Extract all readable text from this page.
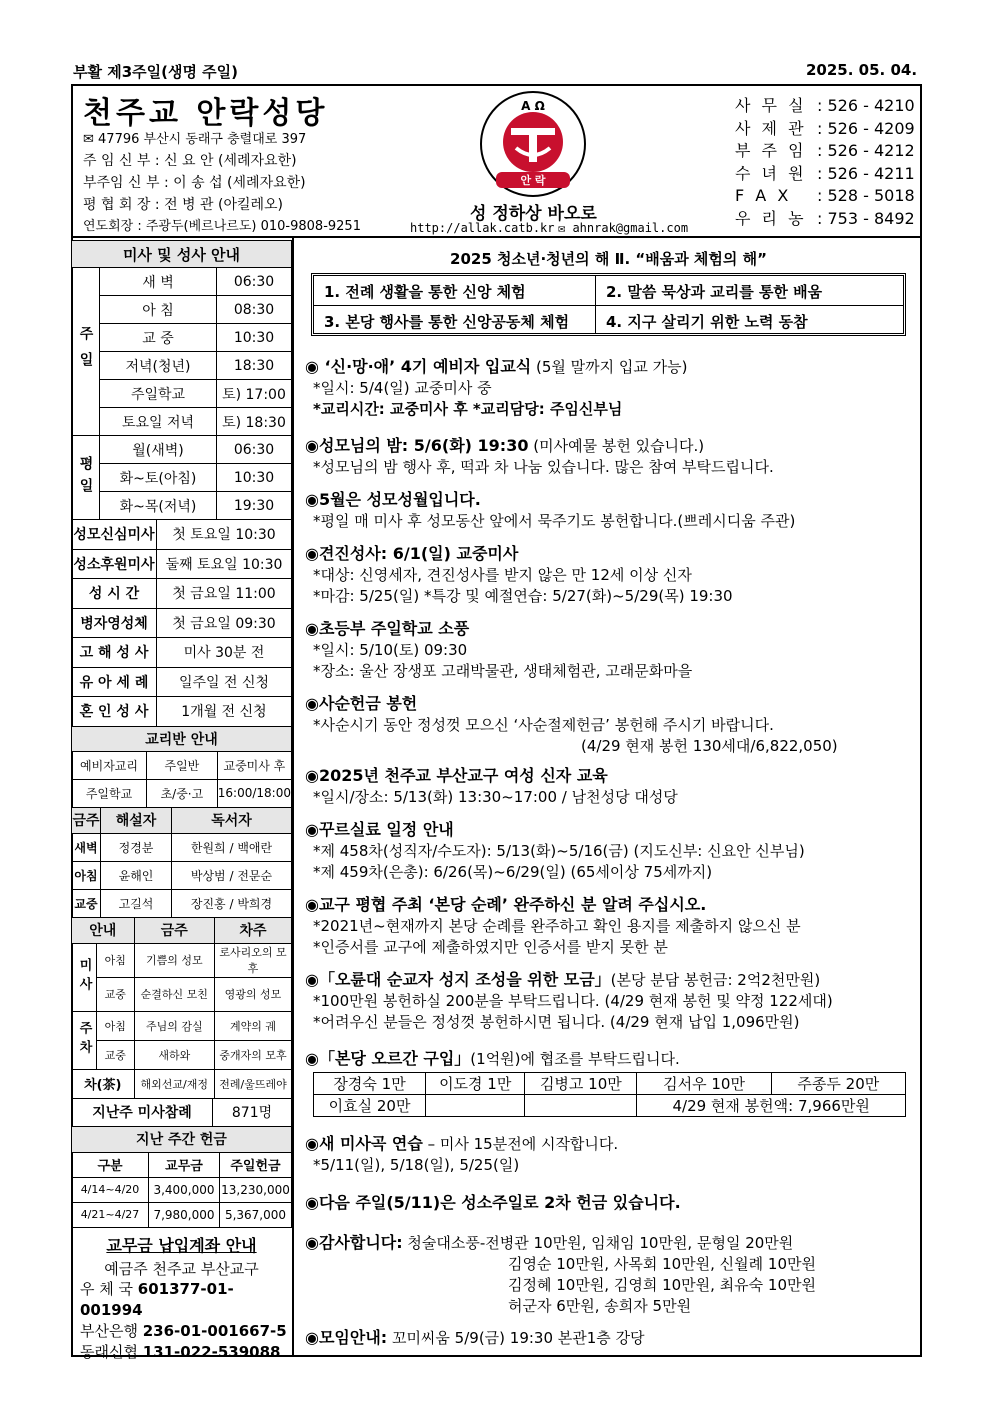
부활 제3주일(생명 주일)	2025. 05. 04.
천주교 안락성당
✉ 47796 부산시 동래구 충렬대로 397
주 임 신 부 : 신 요 안 (세례자요한)
부주임 신 부 : 이 송 섭 (세례자요한)
평 협 회 장 : 전 병 관 (아킬레오)
연도회장 : 주광두(베르나르도) 010-9808-9251
A Ω
안 락
성 정하상 바오로
http://allak.catb.kr ✉ ahnrak@gmail.com
사 무 실 : 526 - 4210
사 제 관 : 526 - 4209
부 주 임 : 526 - 4212
수 녀 원 : 526 - 4211
F A X : 528 - 5018
우 리 농 : 753 - 8492
미사 및 성사 안내		
주일	새 벽	06:30
	아 침	08:30
	교 중	10:30
	저녁(청년)	18:30
	주일학교	토) 17:00
	토요일 저녁	토) 18:30
평일	월(새벽)	06:30
	화~토(아침)	10:30
	화~목(저녁)	19:30
성모신심미사	첫 토요일 10:30
성소후원미사	둘째 토요일 10:30
성 시 간	첫 금요일 11:00
병자영성체	첫 금요일 09:30
고 해 성 사	미사 30분 전
유 아 세 례	일주일 전 신청
혼 인 성 사	1개월 전 신청
교리반 안내		
예비자교리	주일반	교중미사 후
주일학교	초/중·고	16:00/18:00
금주	해설자	독서자
새벽	정경분	한원희 / 백애란
아침	윤해인	박상범 / 전문순
교중	고길석	장진홍 / 박희경
안내		금주	차주
미사	아침	기쁨의 성모	로사리오의 모후
	교중	순결하신 모친	영광의 성모
주차	아침	주님의 감실	계약의 궤
	교중	새하와	중개자의 모후
차(茶)		해외선교/재정	전례/울뜨레야
지난주 미사참례	871명
지난 주간 헌금		
구분	교무금	주일헌금
4/14~4/20	3,400,000	13,230,000
4/21~4/27	7,980,000	5,367,000
교무금 납입계좌 안내
예금주 천주교 부산교구
우 체 국 601377-01-001994
부산은행 236-01-001667-5
동래신협 131-022-539088
2025 청소년·청년의 해 Ⅱ. “배움과 체험의 해”
1. 전례 생활을 통한 신앙 체험	2. 말씀 묵상과 교리를 통한 배움
3. 본당 행사를 통한 신앙공동체 체험 4. 지구 살리기 위한 노력 동참
◉ ‘신·망·애’ 4기 예비자 입교식 (5월 말까지 입교 가능)
*일시: 5/4(일) 교중미사 중
*교리시간: 교중미사 후 *교리담당: 주임신부님
◉성모님의 밤: 5/6(화) 19:30 (미사예물 봉헌 있습니다.)
*성모님의 밤 행사 후, 떡과 차 나눔 있습니다. 많은 참여 부탁드립니다.
◉5월은 성모성월입니다.
*평일 매 미사 후 성모동산 앞에서 묵주기도 봉헌합니다.(쁘레시디움 주관)
◉견진성사: 6/1(일) 교중미사
*대상: 신영세자, 견진성사를 받지 않은 만 12세 이상 신자
*마감: 5/25(일) *특강 및 예절연습: 5/27(화)~5/29(목) 19:30
◉초등부 주일학교 소풍
*일시: 5/10(토) 09:30
*장소: 울산 장생포 고래박물관, 생태체험관, 고래문화마을
◉사순헌금 봉헌
*사순시기 동안 정성껏 모으신 ‘사순절제헌금’ 봉헌해 주시기 바랍니다.
(4/29 현재 봉헌 130세대/6,822,050)
◉2025년 천주교 부산교구 여성 신자 교육
*일시/장소: 5/13(화) 13:30~17:00 / 남천성당 대성당
◉꾸르실료 일정 안내
*제 458차(성직자/수도자): 5/13(화)~5/16(금) (지도신부: 신요안 신부님)
*제 459차(은총): 6/26(목)~6/29(일) (65세이상 75세까지)
◉교구 평협 주최 ‘본당 순례’ 완주하신 분 알려 주십시오.
*2021년~현재까지 본당 순례를 완주하고 확인 용지를 제출하지 않으신 분
*인증서를 교구에 제출하였지만 인증서를 받지 못한 분
◉「오륜대 순교자 성지 조성을 위한 모금」(본당 분담 봉헌금: 2억2천만원)
*100만원 봉헌하실 200분을 부탁드립니다. (4/29 현재 봉헌 및 약정 122세대)
*어려우신 분들은 정성껏 봉헌하시면 됩니다. (4/29 현재 납입 1,096만원)
◉「본당 오르간 구입」(1억원)에 협조를 부탁드립니다.
장경숙 1만	이도경 1만	김병고 10만	김서우 10만	주종두 20만
이효실 20만			4/29 현재 봉헌액: 7,966만원	
◉새 미사곡 연습 – 미사 15분전에 시작합니다.
*5/11(일), 5/18(일), 5/25(일)
◉다음 주일(5/11)은 성소주일로 2차 헌금 있습니다.
◉감사합니다: 청술대소풍-전병관 10만원, 임채임 10만원, 문형일 20만원
김영순 10만원, 사목회 10만원, 신월례 10만원
김정혜 10만원, 김영희 10만원, 최유숙 10만원
허군자 6만원, 송희자 5만원
◉모임안내: 꼬미씨움 5/9(금) 19:30 본관1층 강당
